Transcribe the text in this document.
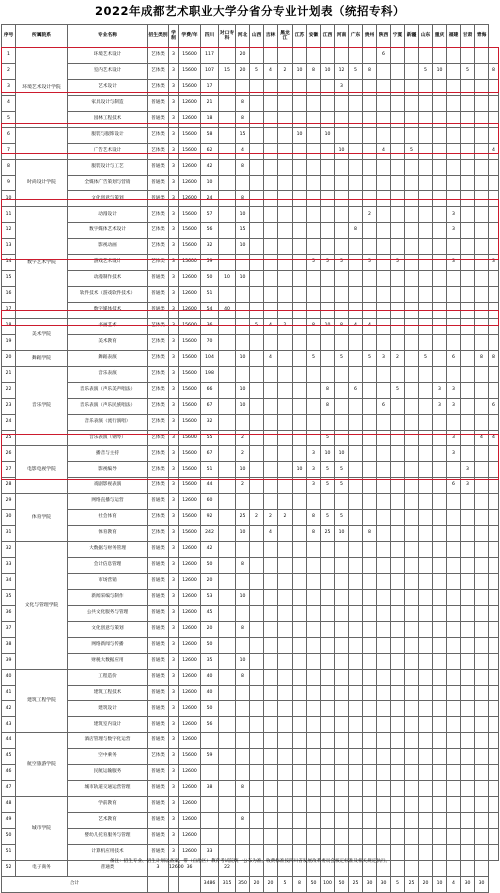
2022年成都艺术职业大学分省分专业计划表（统招专科）
序号	所属院系	专业名称	招生类别	学制	学费/年	四川	对口专科	河北	山西	吉林	黑龙江	江苏	安徽	江西	河南	广东	贵州	陕西	宁夏	新疆	山东	重庆	福建	甘肃	青海	
1	环境艺术设计学院	环境艺术设计	艺体类	3	15600	117		20										6								
2		室内艺术设计	艺体类	3	15600	107	15	20	5	4	2	10	8	10	12	5	8				5	10		5		8
3		艺术设计	艺体类	3	15600	17									3											
4		家具设计与制造	普通类	3	12600	21		8																		
5		园林工程技术	普通类	3	12600	18		8																		
6		服装与服饰设计	艺体类	3	15600	58		15				10		10												
7		广告艺术设计	艺体类	3	15600	62		4							10			4		5						4
8	时尚设计学院	服装设计与工艺	普通类	3	12600	42		8																		
9		全媒体广告策划与营销	普通类	3	12600	10																				
10		文化创意与策划	普通类	3	12600	24		8																		
11	数字艺术学院	动漫设计	艺体类	3	15600	57		10									2						3			
12		数字媒体艺术设计	艺体类	3	15600	56		15								8							3			
13		影视动画	艺体类	3	15600	32		10																		
14		游戏艺术设计	艺体类	3	15600	59							5	5	5		5		5				3			3
15		动漫制作技术	普通类	3	12600	50	10	10																		
16		软件技术（游戏软件技术）	普通类	3	12600	51																				
17		数字媒体技术	普通类	3	12600	54	40																			
18	美术学院	书画艺术	艺体类	3	15600	36			5	4	2		8	10	8	4	4									
19		美术教育	艺体类	3	15600	70																				
20	舞蹈学院	舞蹈表演	艺体类	3	15600	104		10		4			5		5		5	3	2		5		6		8	8
21	音乐学院	音乐表演	艺体类	3	15600	198																				
22		音乐表演（声乐美声唱法）	艺体类	3	15600	66		10						8		6			5			3	3			
23		音乐表演（声乐民族唱法）	艺体类	3	15600	67		10						8				6				3	3			6
24		音乐表演（流行演唱）	艺体类	3	15600	32																				
25		音乐表演（钢琴）	艺体类	3	15600	55		2						5									3		4	4
26	电影电视学院	播音与主持	艺体类	3	15600	67		2					3	10	10								3			
27		影视编导	艺体类	3	15600	51		10				10	3	5	5									3		
28		戏剧影视表演	艺体类	3	15600	44		2					3	5	5								6	3		
29	体育学院	网络直播与运营	普通类	3	12600	60																				
30		社会体育	艺体类	3	15600	92		25	2	2	2		8	5	5											
31		体育教育	艺体类	3	15600	242		10		4			8	25	10		8									
32	文化与管理学院	大数据与财务管理	普通类	3	12600	42																				
33		会计信息管理	普通类	3	12600	50		8																		
34		市场营销	普通类	3	12600	20																				
35		新闻采编与制作	普通类	3	12600	53		10																		
36		公共文化服务与管理	普通类	3	12600	45																				
37		文化创意与策划	普通类	3	12600	20		8																		
38		网络新闻与传播	普通类	3	12600	50																				
39		财税大数据应用	普通类	3	12600	35		10																		
40	建筑工程学院	工程造价	普通类	3	12600	40		8																		
41		建筑工程技术	普通类	3	12600	40																				
42		建筑设计	普通类	3	12600	50																				
43		建筑室内设计	普通类	3	12600	56																				
44	航空旅游学院	酒店管理与数字化运营	普通类	3	12600																					
45		空中乘务	艺体类	3	15600	59																				
46		民航运输服务	普通类	3	12600																					
47		城市轨道交通运营管理	普通类	3	12600	38		8																		
48	城市学院	学前教育	普通类	3	12600																					
49		艺术教育	普通类	3	12600			8																		
50		婴幼儿托育服务与管理	普通类	3	12600																					
51		计算机应用技术	普通类	3	12600	33																				
52	电子商务	普通类	3	12600	36		22																			
合计						3486	315	350	20	20	5	8	50	100	50	25	30	30	5	25	20	10	4	30	30	
备注：招生专业、招生计划以备案，带（自治区）教育考试院统一公布为准。收费标准按四川省发展改革委员会核定标准及相关规定执行。
